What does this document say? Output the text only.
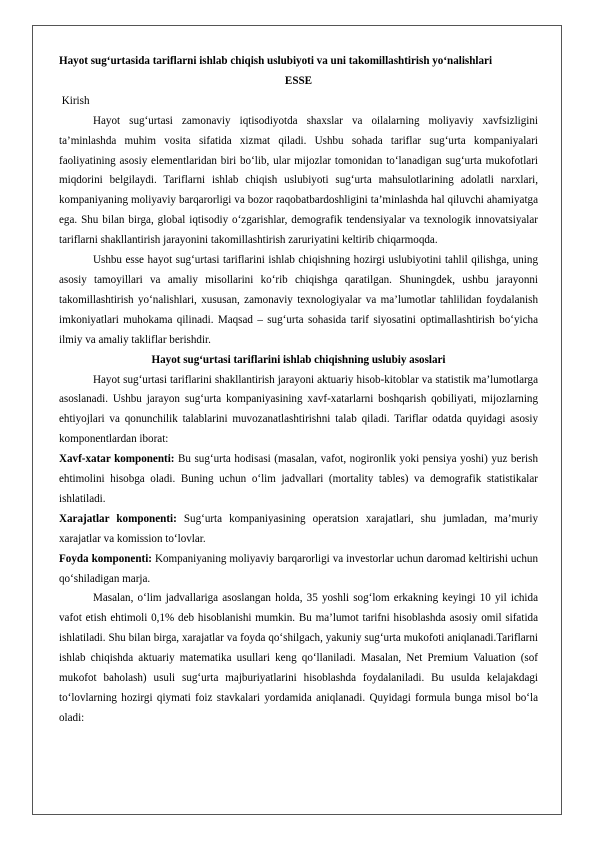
Hayot sug‘urtasida tariflarni ishlab chiqish uslubiyoti va uni takomillashtirish yo‘nalishlari

ESSE

Kirish

Hayot sug‘urtasi zamonaviy iqtisodiyotda shaxslar va oilalarning moliyaviy xavfsizligini ta’minlashda muhim vosita sifatida xizmat qiladi. Ushbu sohada tariflar sug‘urta kompaniyalari faoliyatining asosiy elementlaridan biri bo‘lib, ular mijozlar tomonidan to‘lanadigan sug‘urta mukofotlari miqdorini belgilaydi. Tariflarni ishlab chiqish uslubiyoti sug‘urta mahsulotlarining adolatli narxlari, kompaniyaning moliyaviy barqarorligi va bozor raqobatbardoshligini ta’minlashda hal qiluvchi ahamiyatga ega. Shu bilan birga, global iqtisodiy o‘zgarishlar, demografik tendensiyalar va texnologik innovatsiyalar tariflarni shakllantirish jarayonini takomillashtirish zaruriyatini keltirib chiqarmoqda.

Ushbu esse hayot sug‘urtasi tariflarini ishlab chiqishning hozirgi uslubiyotini tahlil qilishga, uning asosiy tamoyillari va amaliy misollarini ko‘rib chiqishga qaratilgan. Shuningdek, ushbu jarayonni takomillashtirish yo‘nalishlari, xususan, zamonaviy texnologiyalar va ma’lumotlar tahlilidan foydalanish imkoniyatlari muhokama qilinadi. Maqsad – sug‘urta sohasida tarif siyosatini optimallashtirish bo‘yicha ilmiy va amaliy takliflar berishdir.

Hayot sug‘urtasi tariflarini ishlab chiqishning uslubiy asoslari

Hayot sug‘urtasi tariflarini shakllantirish jarayoni aktuariy hisob-kitoblar va statistik ma’lumotlarga asoslanadi. Ushbu jarayon sug‘urta kompaniyasining xavf-xatarlarni boshqarish qobiliyati, mijozlarning ehtiyojlari va qonunchilik talablarini muvozanatlashtirishni talab qiladi. Tariflar odatda quyidagi asosiy komponentlardan iborat:

Xavf-xatar komponenti: Bu sug‘urta hodisasi (masalan, vafot, nogironlik yoki pensiya yoshi) yuz berish ehtimolini hisobga oladi. Buning uchun o‘lim jadvallari (mortality tables) va demografik statistikalar ishlatiladi.

Xarajatlar komponenti: Sug‘urta kompaniyasining operatsion xarajatlari, shu jumladan, ma’muriy xarajatlar va komission to‘lovlar.

Foyda komponenti: Kompaniyaning moliyaviy barqarorligi va investorlar uchun daromad keltirishi uchun qo‘shiladigan marja.

Masalan, o‘lim jadvallariga asoslangan holda, 35 yoshli sog‘lom erkakning keyingi 10 yil ichida vafot etish ehtimoli 0,1% deb hisoblanishi mumkin. Bu ma’lumot tarifni hisoblashda asosiy omil sifatida ishlatiladi. Shu bilan birga, xarajatlar va foyda qo‘shilgach, yakuniy sug‘urta mukofoti aniqlanadi.Tariflarni ishlab chiqishda aktuariy matematika usullari keng qo‘llaniladi. Masalan, Net Premium Valuation (sof mukofot baholash) usuli sug‘urta majburiyatlarini hisoblashda foydalaniladi. Bu usulda kelajakdagi to‘lovlarning hozirgi qiymati foiz stavkalari yordamida aniqlanadi. Quyidagi formula bunga misol bo‘la oladi:
